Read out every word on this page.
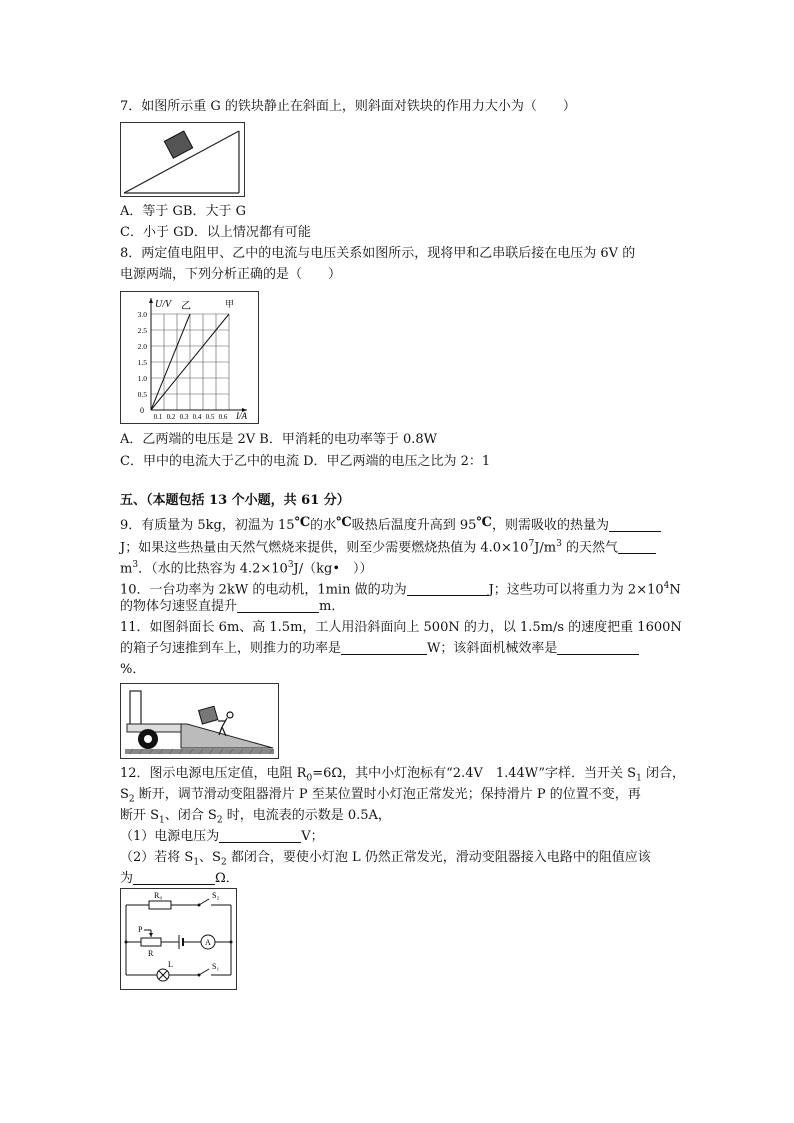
7．如图所示重 G 的铁块静止在斜面上，则斜面对铁块的作用力大小为（　　）
A．等于 GB．大于 G
C．小于 GD．以上情况都有可能
8．两定值电阻甲、乙中的电流与电压关系如图所示，现将甲和乙串联后接在电压为 6V 的
电源两端，下列分析正确的是（　　）
U/V 乙	甲
3.0
2.5
2.0
1.5
1.0
0.5
0
0.1 0.2 0.3 0.4 0.5 0.6 I/A
A．乙两端的电压是 2V B．甲消耗的电功率等于 0.8W
C．甲中的电流大于乙中的电流 D．甲乙两端的电压之比为 2：1
五、（本题包括 13 个小题，共 61 分）
9．有质量为 5kg，初温为 15℃的水℃吸热后温度升高到 95℃，则需吸收的热量为
J；如果这些热量由天然气燃烧来提供，则至少需要燃烧热值为 $4.0\times 10^7J/m^3$ 的天然气
$m^3$．（水的比热容为 $4.2\times 10^3J/(kg•$　））
10．一台功率为 2kW 的电动机，1min 做的功为	J；这些功可以将重力为 $2\times 10^4N$
的物体匀速竖直提升	m．
11．如图斜面长 6m、高 1.5m，工人用沿斜面向上 500N 的力，以 1.5m/s 的速度把重 1600N
的箱子匀速推到车上，则推力的功率是	W；该斜面机械效率是
%．
12．图示电源电压定值，电阻 $R_0=6\Omega$，其中小灯泡标有“2.4V　1.44W”字样．当开关 $S_1$ 闭合，
$S_2$ 断开，调节滑动变阻器滑片 P 至某位置时小灯泡正常发光；保持滑片 P 的位置不变，再
断开 $S_1$、闭合 $S_2$ 时，电流表的示数是 0.5A，
（1）电源电压为	V；
（2）若将 $S_1$、$S_2$ 都闭合，要使小灯泡 L 仍然正常发光，滑动变阻器接入电路中的阻值应该
为	Ω．
R₀	S₂
P
R
A
L	S₁
